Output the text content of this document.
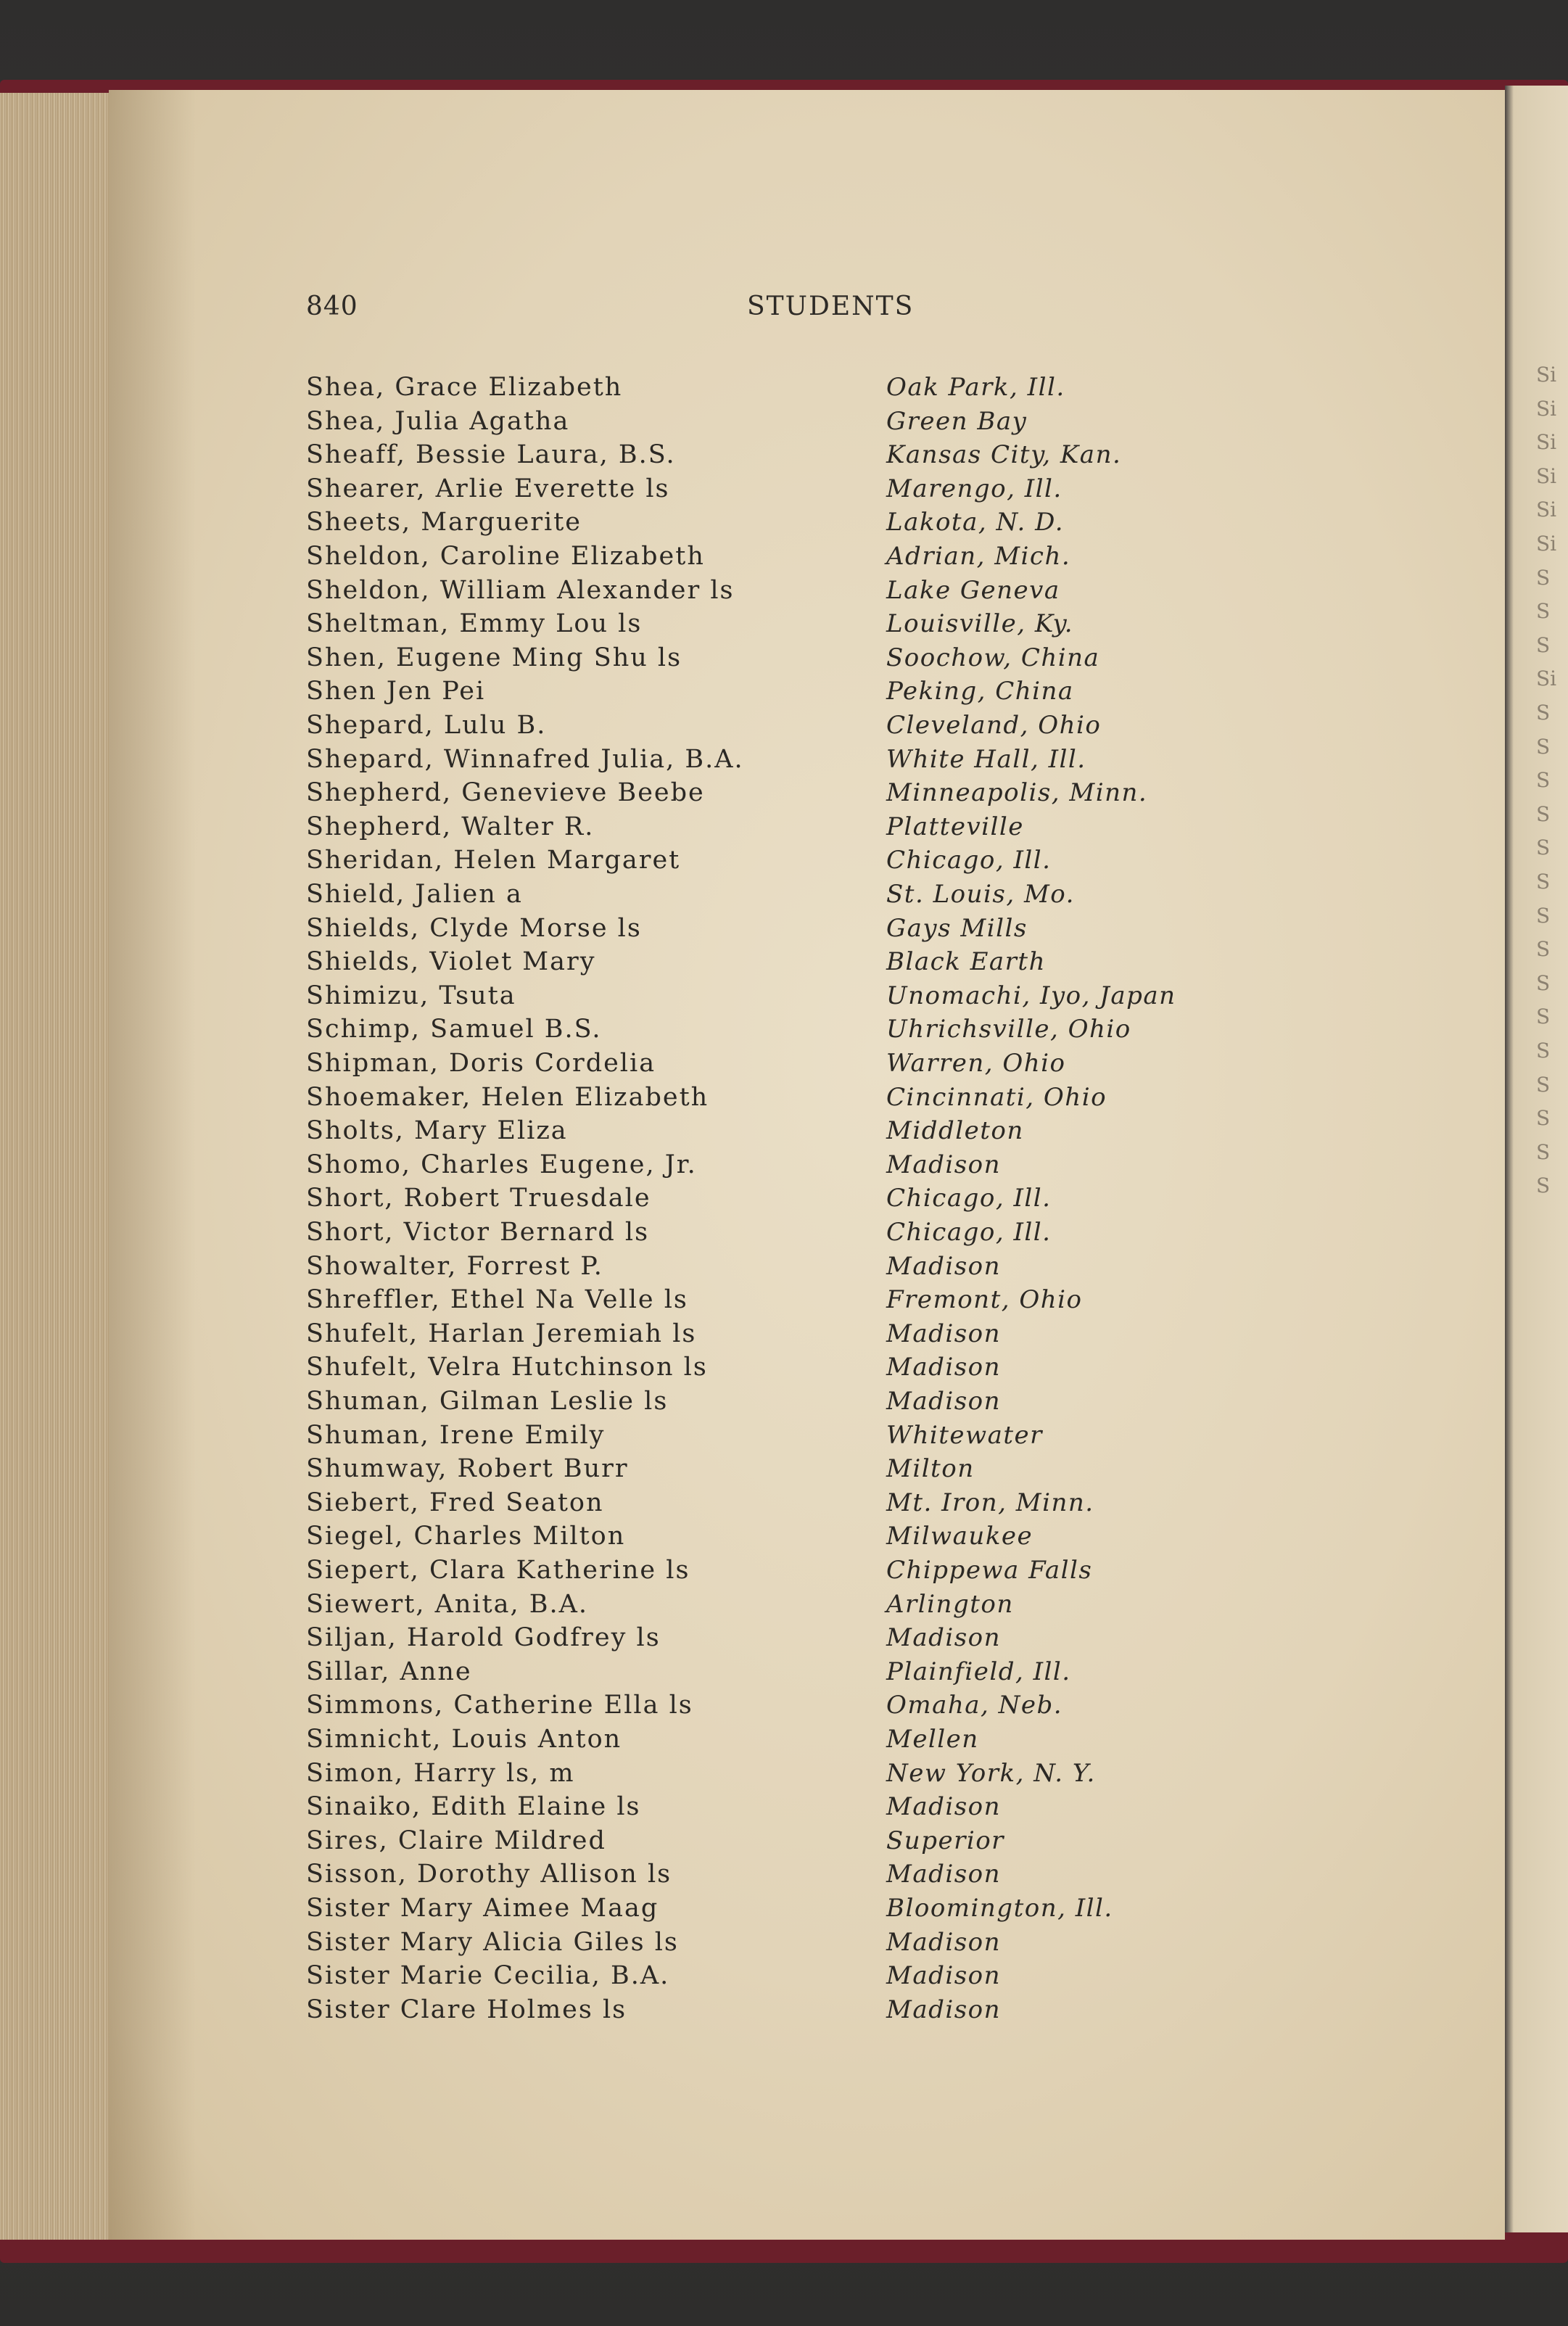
Si
Si
Si
Si
Si
Si
S
S
S
Si
S
S
S
S
S
S
S
S
S
S
S
S
S
S
S
840	STUDENTS
Shea, Grace Elizabeth	Oak Park, Ill.
Shea, Julia Agatha	Green Bay
Sheaff, Bessie Laura, B.S.	Kansas City, Kan.
Shearer, Arlie Everette ls	Marengo, Ill.
Sheets, Marguerite	Lakota, N. D.
Sheldon, Caroline Elizabeth	Adrian, Mich.
Sheldon, William Alexander ls	Lake Geneva
Sheltman, Emmy Lou ls	Louisville, Ky.
Shen, Eugene Ming Shu ls	Soochow, China
Shen Jen Pei	Peking, China
Shepard, Lulu B.	Cleveland, Ohio
Shepard, Winnafred Julia, B.A.	White Hall, Ill.
Shepherd, Genevieve Beebe	Minneapolis, Minn.
Shepherd, Walter R.	Platteville
Sheridan, Helen Margaret	Chicago, Ill.
Shield, Jalien a	St. Louis, Mo.
Shields, Clyde Morse ls	Gays Mills
Shields, Violet Mary	Black Earth
Shimizu, Tsuta	Unomachi, Iyo, Japan
Schimp, Samuel B.S.	Uhrichsville, Ohio
Shipman, Doris Cordelia	Warren, Ohio
Shoemaker, Helen Elizabeth	Cincinnati, Ohio
Sholts, Mary Eliza	Middleton
Shomo, Charles Eugene, Jr.	Madison
Short, Robert Truesdale	Chicago, Ill.
Short, Victor Bernard ls	Chicago, Ill.
Showalter, Forrest P.	Madison
Shreffler, Ethel Na Velle ls	Fremont, Ohio
Shufelt, Harlan Jeremiah ls	Madison
Shufelt, Velra Hutchinson ls	Madison
Shuman, Gilman Leslie ls	Madison
Shuman, Irene Emily	Whitewater
Shumway, Robert Burr	Milton
Siebert, Fred Seaton	Mt. Iron, Minn.
Siegel, Charles Milton	Milwaukee
Siepert, Clara Katherine ls	Chippewa Falls
Siewert, Anita, B.A.	Arlington
Siljan, Harold Godfrey ls	Madison
Sillar, Anne	Plainfield, Ill.
Simmons, Catherine Ella ls	Omaha, Neb.
Simnicht, Louis Anton	Mellen
Simon, Harry ls, m	New York, N. Y.
Sinaiko, Edith Elaine ls	Madison
Sires, Claire Mildred	Superior
Sisson, Dorothy Allison ls	Madison
Sister Mary Aimee Maag	Bloomington, Ill.
Sister Mary Alicia Giles ls	Madison
Sister Marie Cecilia, B.A.	Madison
Sister Clare Holmes ls	Madison
